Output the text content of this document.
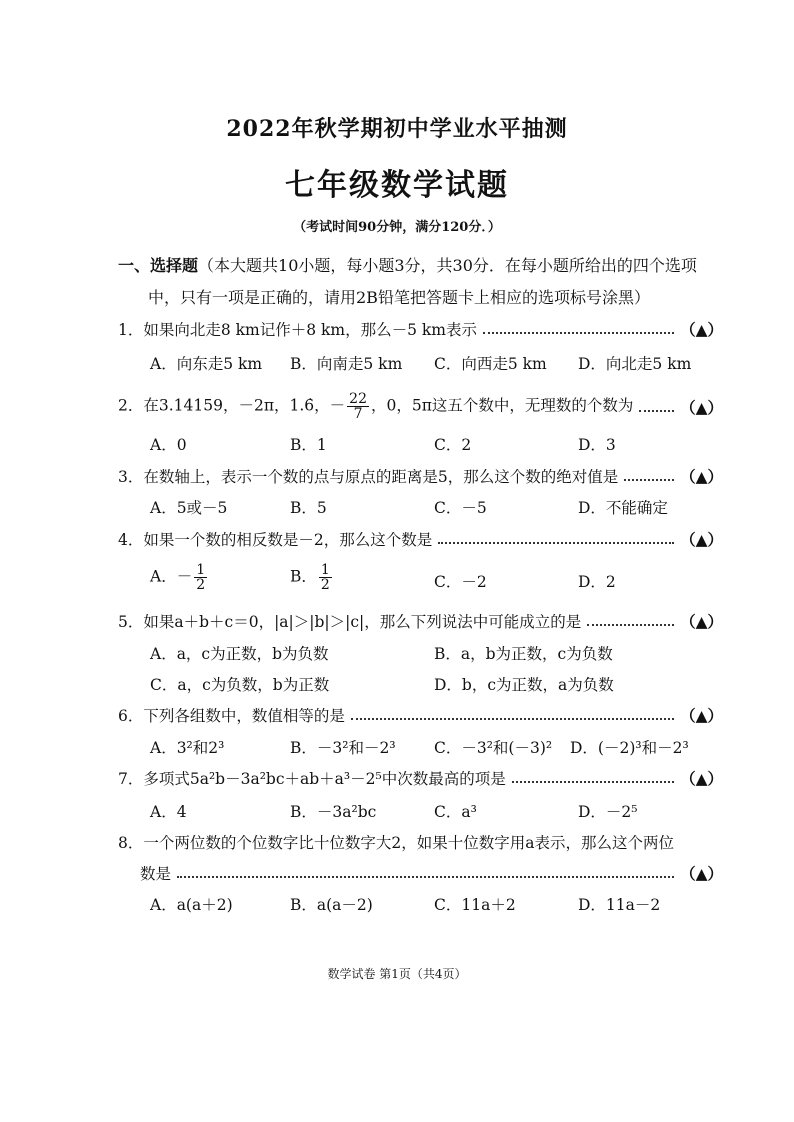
2022年秋学期初中学业水平抽测
七年级数学试题
（考试时间90分钟，满分120分．）
一、选择题（本大题共10小题，每小题3分，共30分．在每小题所给出的四个选项
中，只有一项是正确的，请用2B铅笔把答题卡上相应的选项标号涂黑）
1．如果向北走8 km记作＋8 km，那么－5 km表示	（▲）
A．向东走5 km B．向南走5 km C．向西走5 km D．向北走5 km
2．在3.14159，－2π，1.6̇，－ $\frac{22}{7}$ ，0，5π这五个数中，无理数的个数为	（▲）
A．0	B．1	C．2	D．3
3．在数轴上，表示一个数的点与原点的距离是5，那么这个数的绝对值是	（▲）
A．5或－5	B．5	C．－5	D．不能确定
4．如果一个数的相反数是－2，那么这个数是	（▲）
A．－ $\frac{1}{2}$	B． $\frac{1}{2}$	C．－2	D．2
5．如果a＋b＋c＝0，|a|＞|b|＞|c|，那么下列说法中可能成立的是	（▲）
A．a，c为正数，b为负数	B．a，b为正数，c为负数
C．a，c为负数，b为正数	D．b，c为正数，a为负数
6．下列各组数中，数值相等的是	（▲）
A．3²和2³	B．－3²和－2³ C．－3²和(－3)² D．(－2)³和－2³
7．多项式5a²b－3a²bc＋ab＋a³－2⁵中次数最高的项是	（▲）
A．4	B．－3a²bc	C．a³	D．－2⁵
8．一个两位数的个位数字比十位数字大2，如果十位数字用a表示，那么这个两位
数是	（▲）
A．a(a＋2)	B．a(a－2)	C．11a＋2	D．11a－2
数学试卷 第1页（共4页）
